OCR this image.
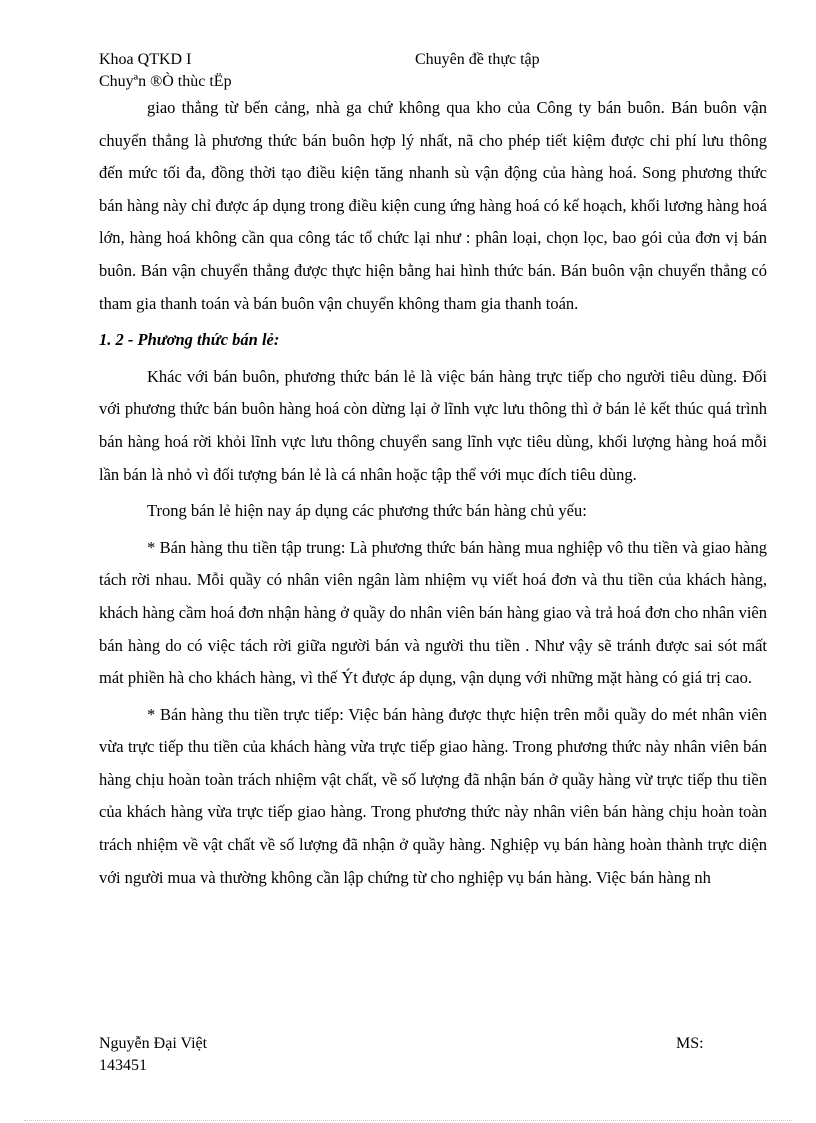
Khoa QTKD I	Chuyên đề thực tập
Chuyªn ®Ò thùc tËp

giao thẳng từ bến cảng, nhà ga chứ không qua kho của Công ty bán buôn. Bán buôn vận chuyển thẳng là phương thức bán buôn hợp lý nhất, nã cho phép tiết kiệm được chi phí lưu thông đến mức tối đa, đồng thời tạo điều kiện tăng nhanh sù vận động của hàng hoá. Song phương thức bán hàng này chỉ được áp dụng trong điều kiện cung ứng hàng hoá có kế hoạch, khối lương hàng hoá lớn, hàng hoá không cần qua công tác tổ chức lại như : phân loại, chọn lọc, bao gói của đơn vị bán buôn. Bán vận chuyển thẳng được thực hiện bằng hai hình thức bán. Bán buôn vận chuyển thẳng có tham gia thanh toán và bán buôn vận chuyển không tham gia thanh toán.

1. 2 - Phương thức bán lẻ:

Khác với bán buôn, phương thức bán lẻ là việc bán hàng trực tiếp cho người tiêu dùng. Đối với phương thức bán buôn hàng hoá còn dừng lại ở lĩnh vực lưu thông thì ở bán lẻ kết thúc quá trình bán hàng hoá rời khỏi lĩnh vực lưu thông chuyển sang lĩnh vực tiêu dùng, khối lượng hàng hoá mỗi lần bán là nhỏ vì đối tượng bán lẻ là cá nhân hoặc tập thể với mục đích tiêu dùng.

Trong bán lẻ hiện nay áp dụng các phương thức bán hàng chủ yếu:

* Bán hàng thu tiền tập trung: Là phương thức bán hàng mua nghiệp vô thu tiền và giao hàng tách rời nhau. Mỗi quầy có nhân viên ngân làm nhiệm vụ viết hoá đơn và thu tiền của khách hàng, khách hàng cầm hoá đơn nhận hàng ở quầy do nhân viên bán hàng giao và trả hoá đơn cho nhân viên bán hàng do có việc tách rời giữa người bán và người thu tiền . Như vậy sẽ tránh được sai sót mất mát phiền hà cho khách hàng, vì thế Ýt được áp dụng, vận dụng với những mặt hàng có giá trị cao.

* Bán hàng thu tiền trực tiếp: Việc bán hàng được thực hiện trên mỗi quầy do mét nhân viên vừa trực tiếp thu tiền của khách hàng vừa trực tiếp giao hàng. Trong phương thức này nhân viên bán hàng chịu hoàn toàn trách nhiệm vật chất, về số lượng đã nhận bán ở quầy hàng vừ trực tiếp thu tiền của khách hàng vừa trực tiếp giao hàng. Trong phương thức này nhân viên bán hàng chịu hoàn toàn trách nhiệm về vật chất về số lượng đã nhận ở quầy hàng. Nghiệp vụ bán hàng hoàn thành trực diện với người mua và thường không cần lập chứng từ cho nghiệp vụ bán hàng. Việc bán hàng nh

Nguyễn Đại Việt	MS:
143451
